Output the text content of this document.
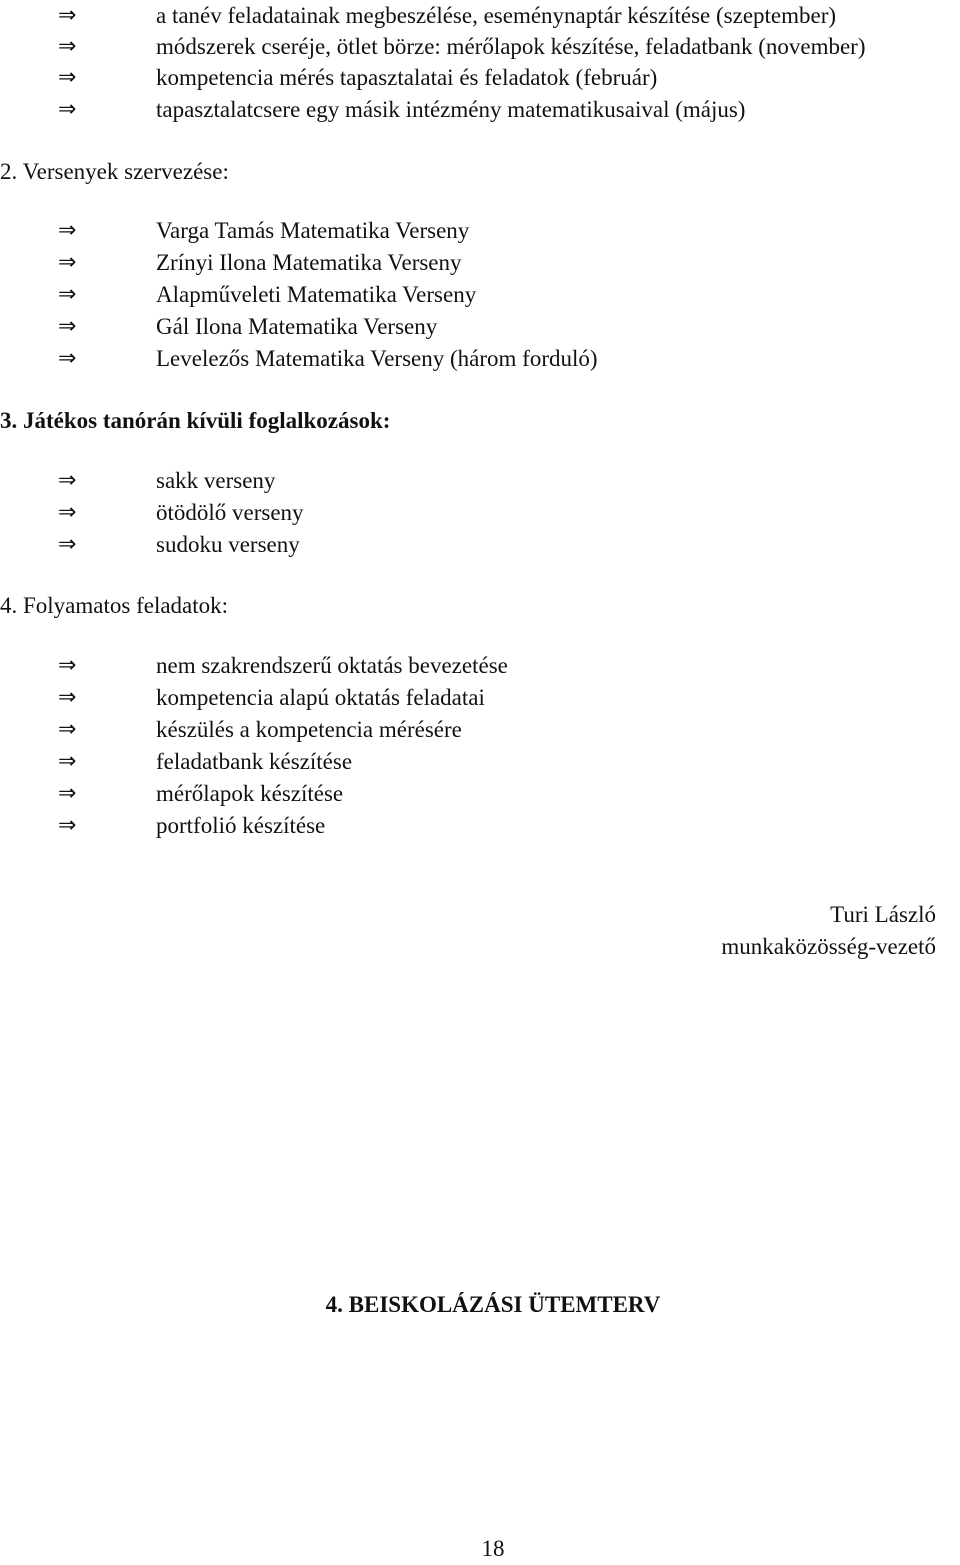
⇒	a tanév feladatainak megbeszélése, eseménynaptár készítése (szeptember)
⇒	módszerek cseréje, ötlet börze: mérőlapok készítése, feladatbank (november)
⇒	kompetencia mérés tapasztalatai és feladatok (február)
⇒	tapasztalatcsere egy másik intézmény matematikusaival (május)
2. Versenyek szervezése:
⇒	Varga Tamás Matematika Verseny
⇒	Zrínyi Ilona Matematika Verseny
⇒	Alapműveleti Matematika Verseny
⇒	Gál Ilona Matematika Verseny
⇒	Levelezős Matematika Verseny (három forduló)
3. Játékos tanórán kívüli foglalkozások:
⇒	sakk verseny
⇒	ötödölő verseny
⇒	sudoku verseny
4. Folyamatos feladatok:
⇒	nem szakrendszerű oktatás bevezetése
⇒	kompetencia alapú oktatás feladatai
⇒	készülés a kompetencia mérésére
⇒	feladatbank készítése
⇒	mérőlapok készítése
⇒	portfolió készítése
Turi László
munkaközösség-vezető
4. BEISKOLÁZÁSI ÜTEMTERV
18
